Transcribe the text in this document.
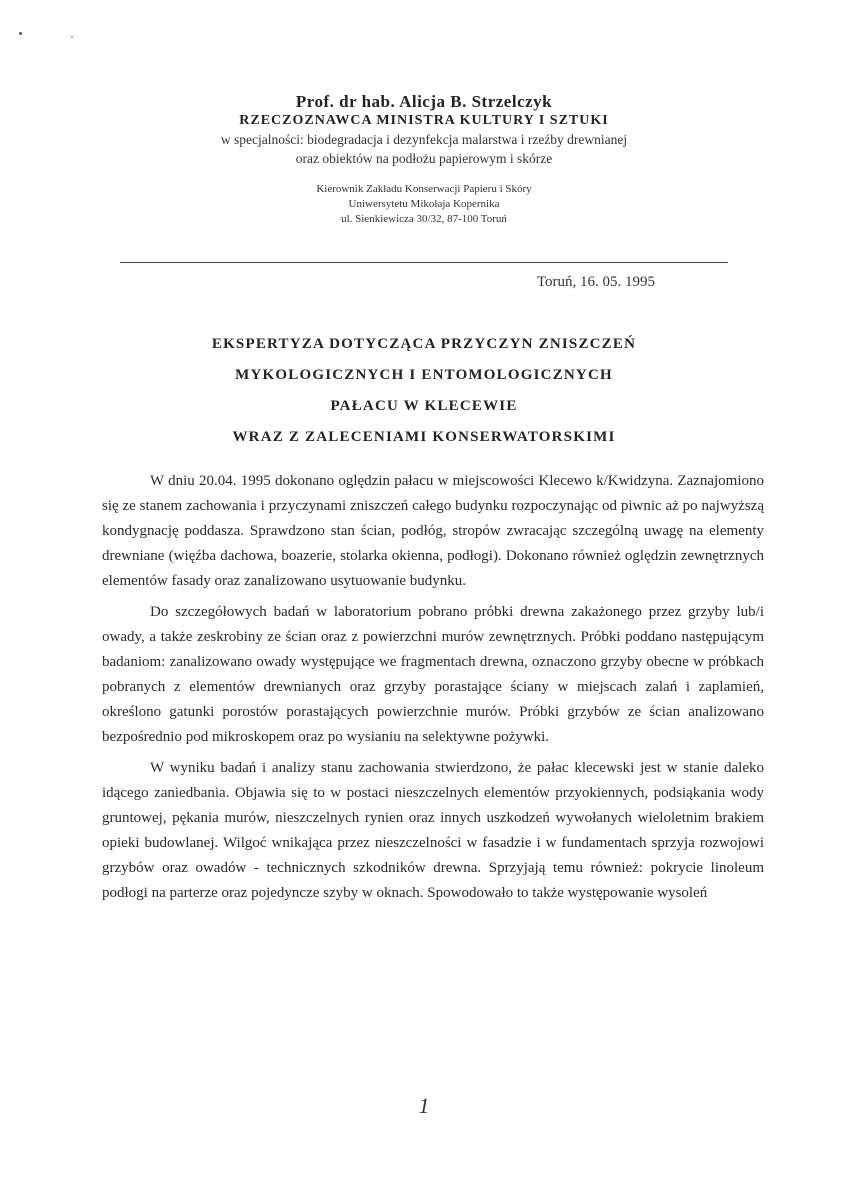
Prof. dr hab. Alicja B. Strzelczyk
RZECZOZNAWCA MINISTRA KULTURY I SZTUKI
w specjalności: biodegradacja i dezynfekcja malarstwa i rzeźby drewnianej
oraz obiektów na podłożu papierowym i skórze
Kierownik Zakładu Konserwacji Papieru i Skóry
Uniwersytetu Mikołaja Kopernika
ul. Sienkiewicza 30/32, 87-100 Toruń
Toruń, 16. 05. 1995
EKSPERTYZA DOTYCZĄCA PRZYCZYN ZNISZCZEŃ
MYKOLOGICZNYCH I ENTOMOLOGICZNYCH
PAŁACU W KLECEWIE
WRAZ Z ZALECENIAMI KONSERWATORSKIMI

W dniu 20.04. 1995 dokonano oględzin pałacu w miejscowości Klecewo k/Kwidzyna. Zaznajomiono się ze stanem zachowania i przyczynami zniszczeń całego budynku rozpoczynając od piwnic aż po najwyższą kondygnację poddasza. Sprawdzono stan ścian, podłóg, stropów zwracając szczególną uwagę na elementy drewniane (więźba dachowa, boazerie, stolarka okienna, podłogi). Dokonano również oględzin zewnętrznych elementów fasady oraz zanalizowano usytuowanie budynku.

Do szczegółowych badań w laboratorium pobrano próbki drewna zakażonego przez grzyby lub/i owady, a także zeskrobiny ze ścian oraz z powierzchni murów zewnętrznych. Próbki poddano następującym badaniom: zanalizowano owady występujące we fragmentach drewna, oznaczono grzyby obecne w próbkach pobranych z elementów drewnianych oraz grzyby porastające ściany w miejscach zalań i zaplamień, określono gatunki porostów porastających powierzchnie murów. Próbki grzybów ze ścian analizowano bezpośrednio pod mikroskopem oraz po wysianiu na selektywne pożywki.

W wyniku badań i analizy stanu zachowania stwierdzono, że pałac klecewski jest w stanie daleko idącego zaniedbania. Objawia się to w postaci nieszczelnych elementów przyokiennych, podsiąkania wody gruntowej, pękania murów, nieszczelnych rynien oraz innych uszkodzeń wywołanych wieloletnim brakiem opieki budowlanej. Wilgoć wnikająca przez nieszczelności w fasadzie i w fundamentach sprzyja rozwojowi grzybów oraz owadów - technicznych szkodników drewna. Sprzyjają temu również: pokrycie linoleum podłogi na parterze oraz pojedyncze szyby w oknach. Spowodowało to także występowanie wysoleń

1
